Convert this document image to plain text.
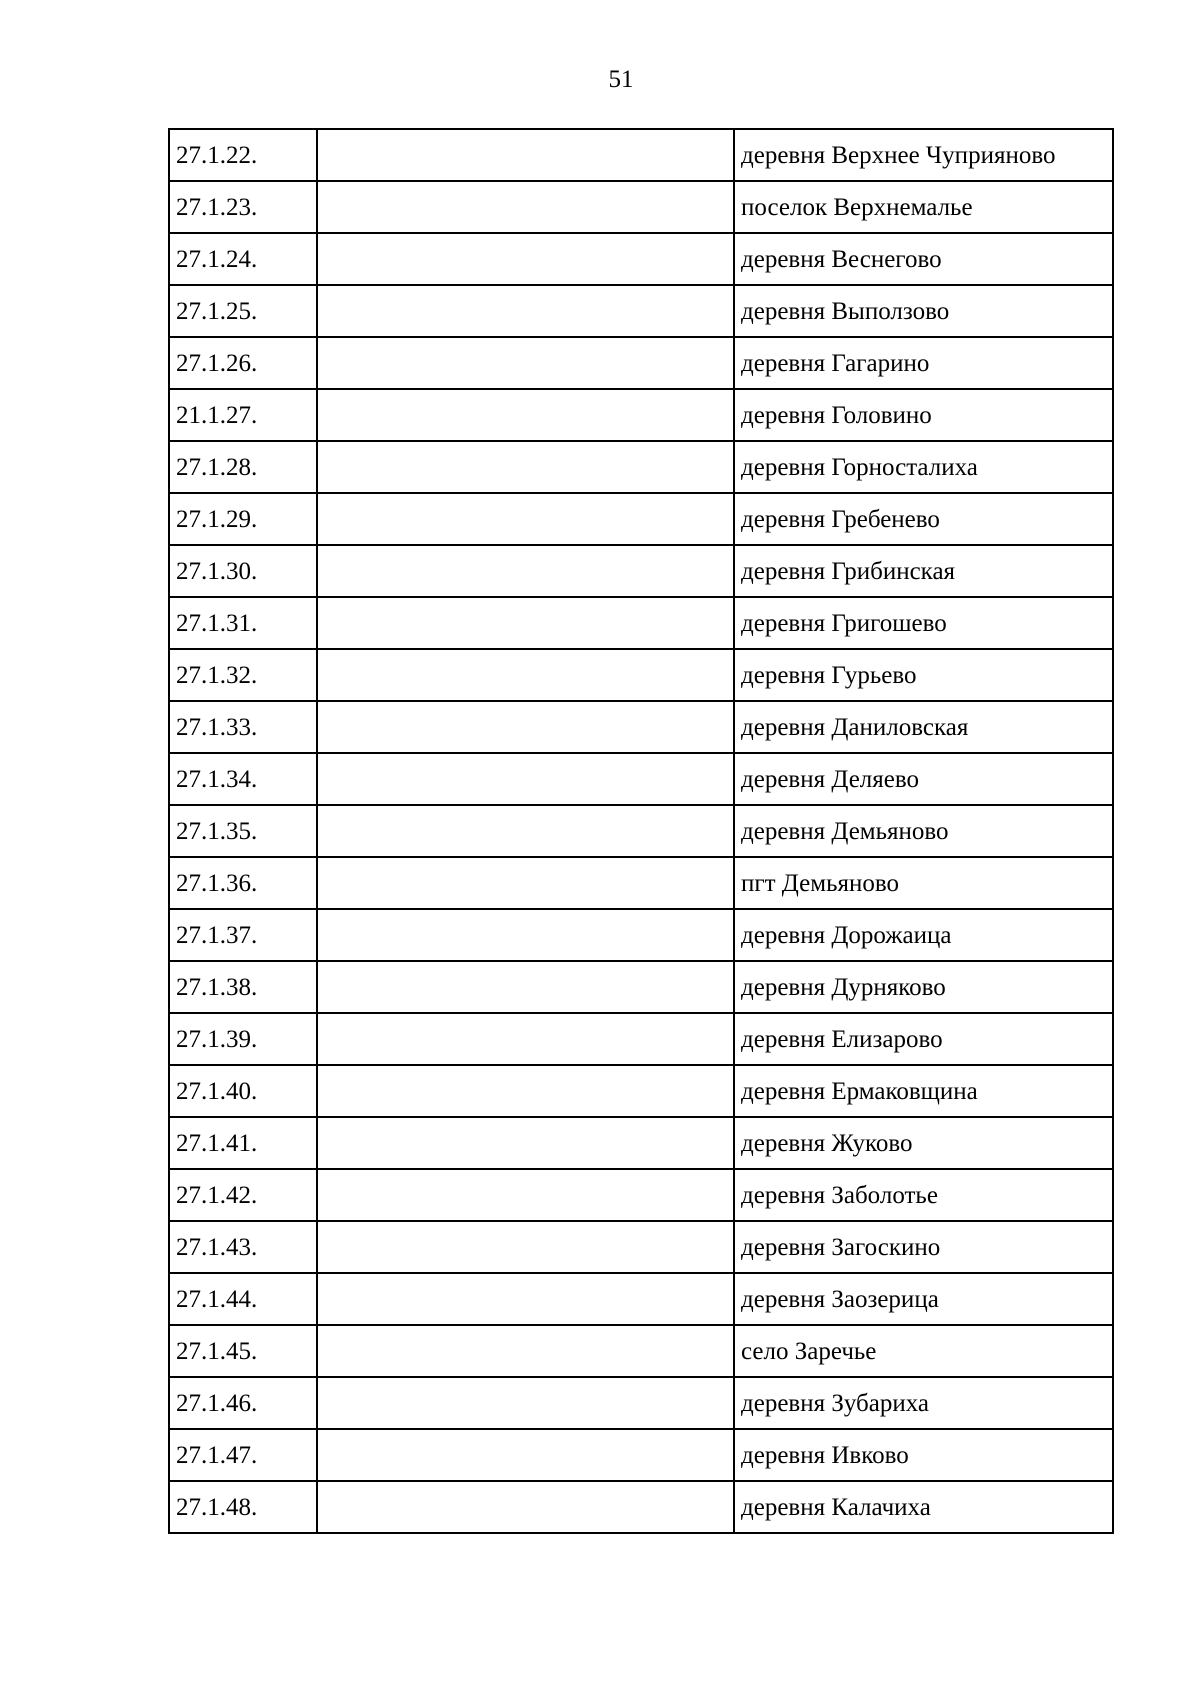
51
27.1.22.		деревня Верхнее Чуприяново
27.1.23.		поселок Верхнемалье
27.1.24.		деревня Веснегово
27.1.25.		деревня Выползово
27.1.26.		деревня Гагарино
21.1.27.		деревня Головино
27.1.28.		деревня Горносталиха
27.1.29.		деревня Гребенево
27.1.30.		деревня Грибинская
27.1.31.		деревня Григошево
27.1.32.		деревня Гурьево
27.1.33.		деревня Даниловская
27.1.34.		деревня Деляево
27.1.35.		деревня Демьяново
27.1.36.		пгт Демьяново
27.1.37.		деревня Дорожаица
27.1.38.		деревня Дурняково
27.1.39.		деревня Елизарово
27.1.40.		деревня Ермаковщина
27.1.41.		деревня Жуково
27.1.42.		деревня Заболотье
27.1.43.		деревня Загоскино
27.1.44.		деревня Заозерица
27.1.45.		село Заречье
27.1.46.		деревня Зубариха
27.1.47.		деревня Ивково
27.1.48.		деревня Калачиха
